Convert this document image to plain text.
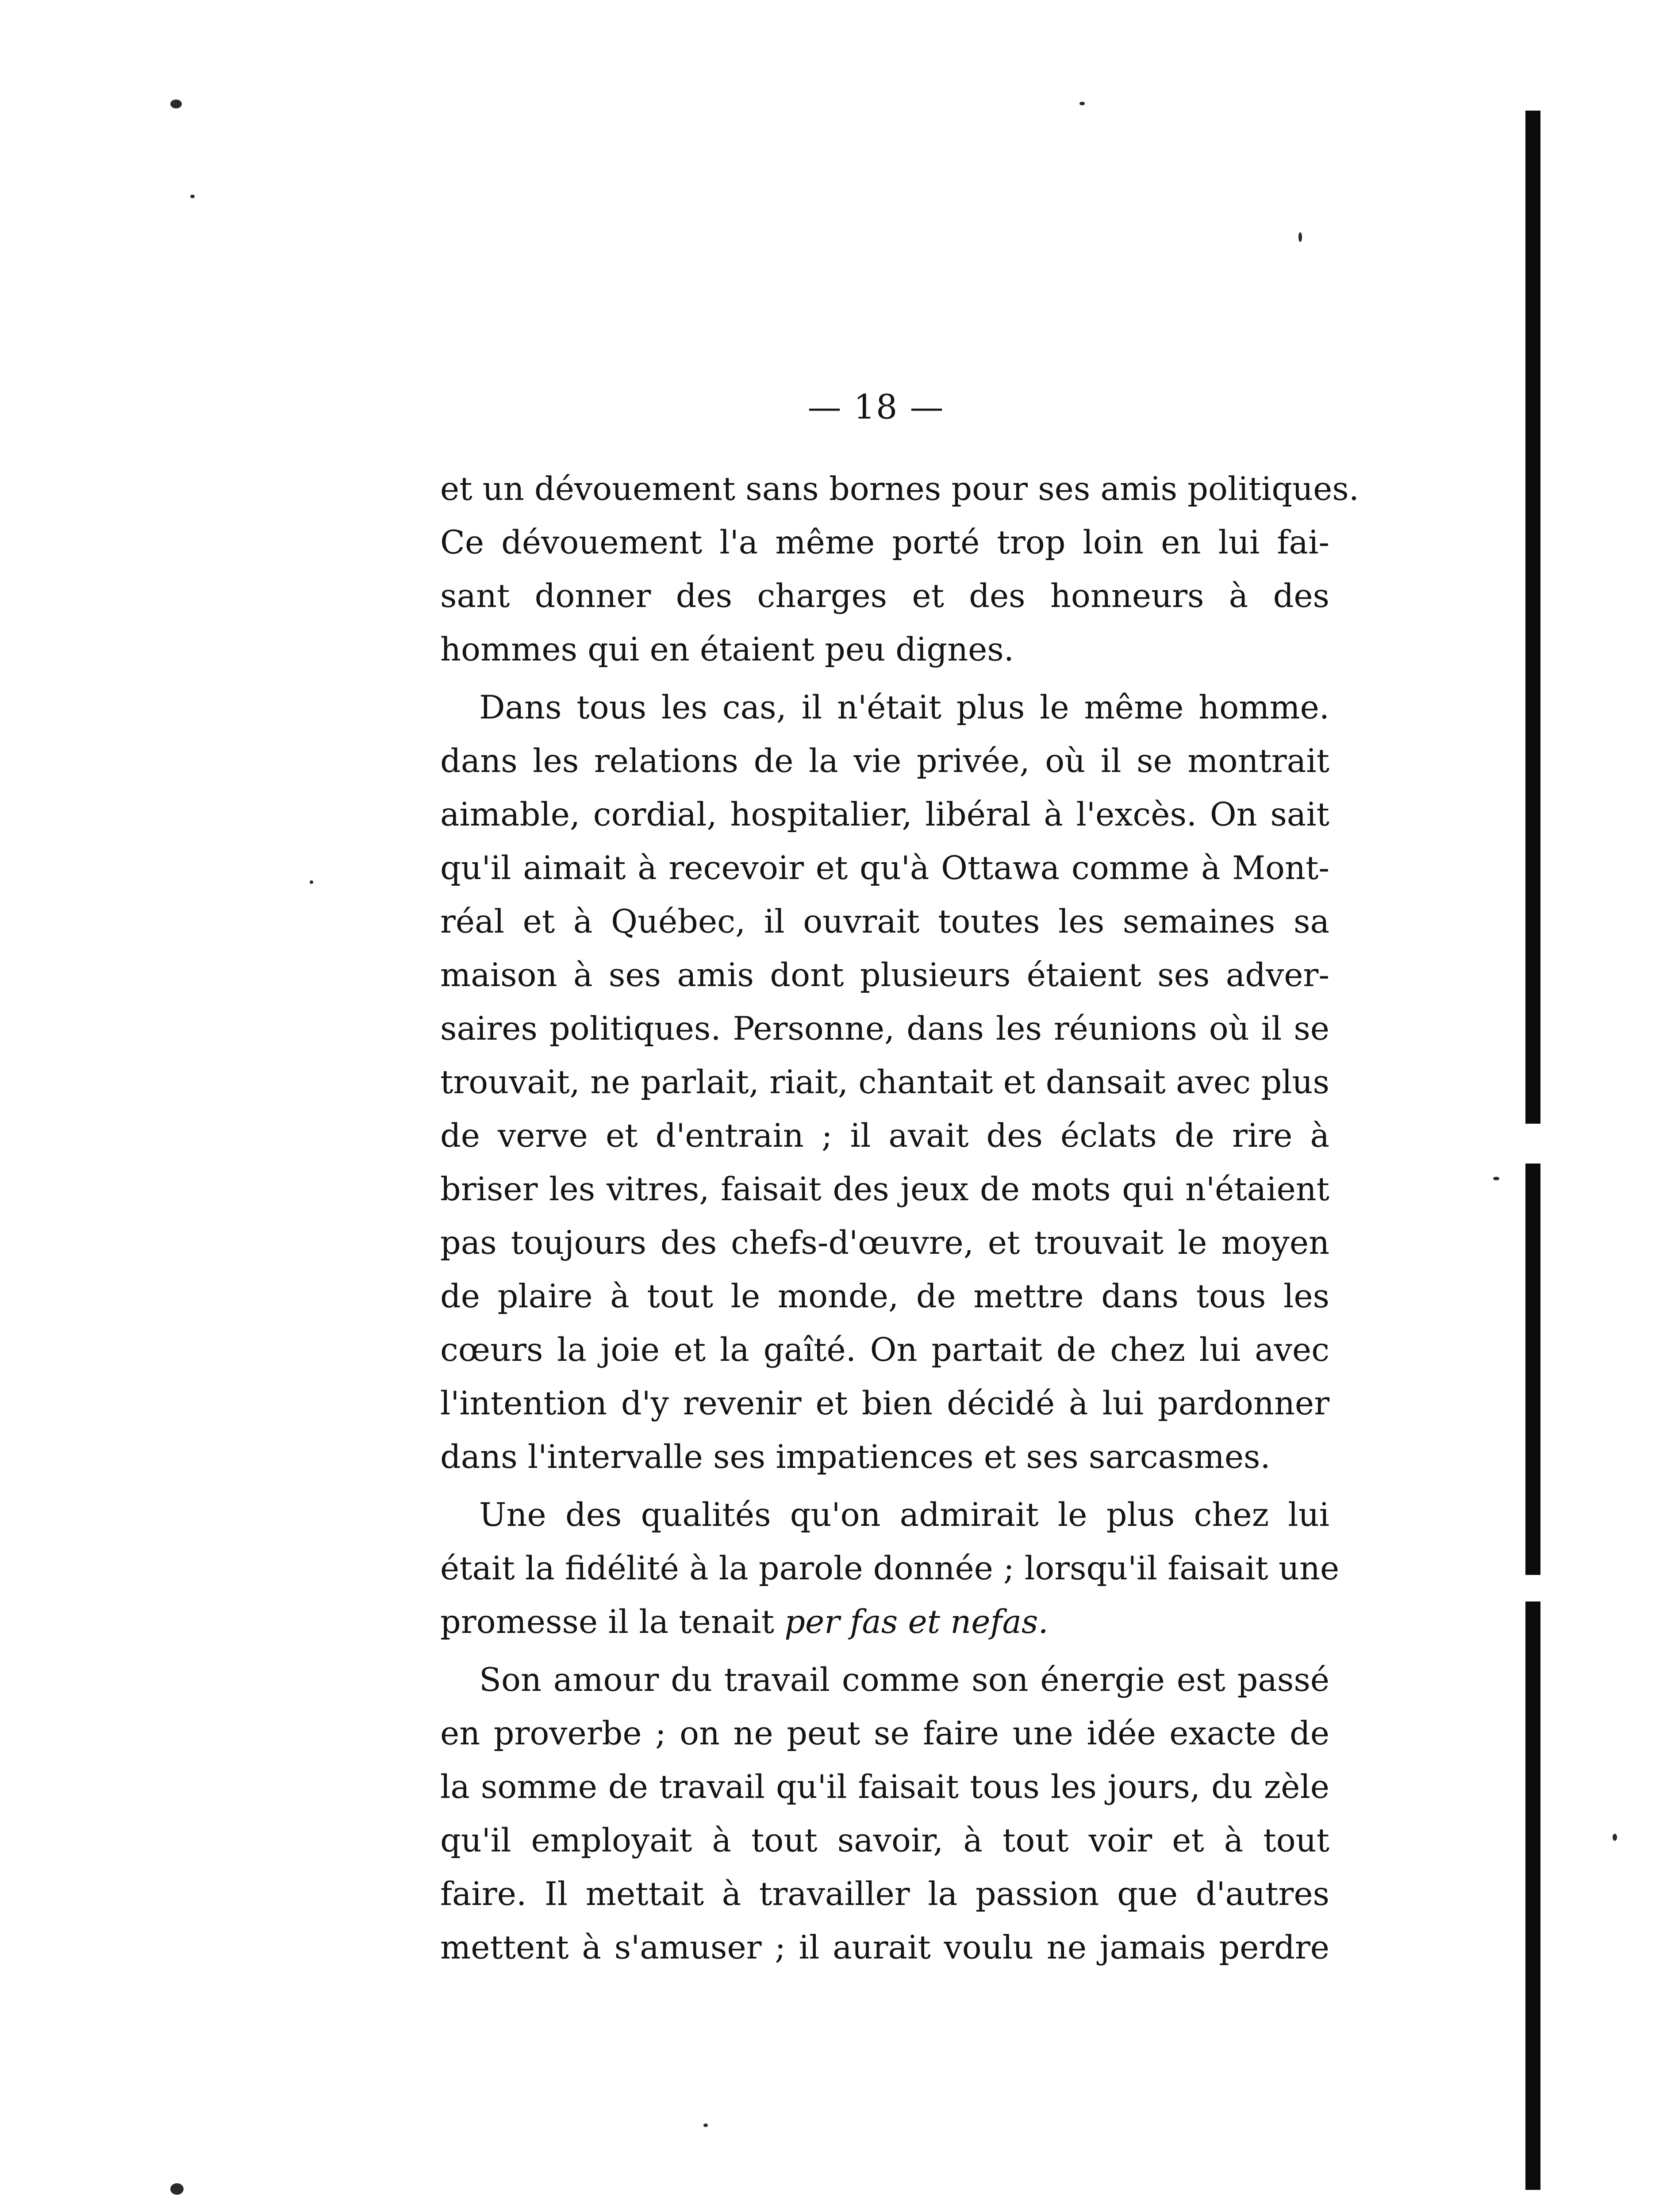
— 18 —
et un dévouement sans bornes pour ses amis politiques.
Ce dévouement l'a même porté trop loin en lui fai-
sant donner des charges et des honneurs à des
hommes qui en étaient peu dignes.
Dans tous les cas, il n'était plus le même homme.
dans les relations de la vie privée, où il se montrait
aimable, cordial, hospitalier, libéral à l'excès. On sait
qu'il aimait à recevoir et qu'à Ottawa comme à Mont-
réal et à Québec, il ouvrait toutes les semaines sa
maison à ses amis dont plusieurs étaient ses adver-
saires politiques. Personne, dans les réunions où il se
trouvait, ne parlait, riait, chantait et dansait avec plus
de verve et d'entrain ; il avait des éclats de rire à
briser les vitres, faisait des jeux de mots qui n'étaient
pas toujours des chefs-d'œuvre, et trouvait le moyen
de plaire à tout le monde, de mettre dans tous les
cœurs la joie et la gaîté. On partait de chez lui avec
l'intention d'y revenir et bien décidé à lui pardonner
dans l'intervalle ses impatiences et ses sarcasmes.
Une des qualités qu'on admirait le plus chez lui
était la fidélité à la parole donnée ; lorsqu'il faisait une
promesse il la tenait per fas et nefas.
Son amour du travail comme son énergie est passé
en proverbe ; on ne peut se faire une idée exacte de
la somme de travail qu'il faisait tous les jours, du zèle
qu'il employait à tout savoir, à tout voir et à tout
faire. Il mettait à travailler la passion que d'autres
mettent à s'amuser ; il aurait voulu ne jamais perdre
